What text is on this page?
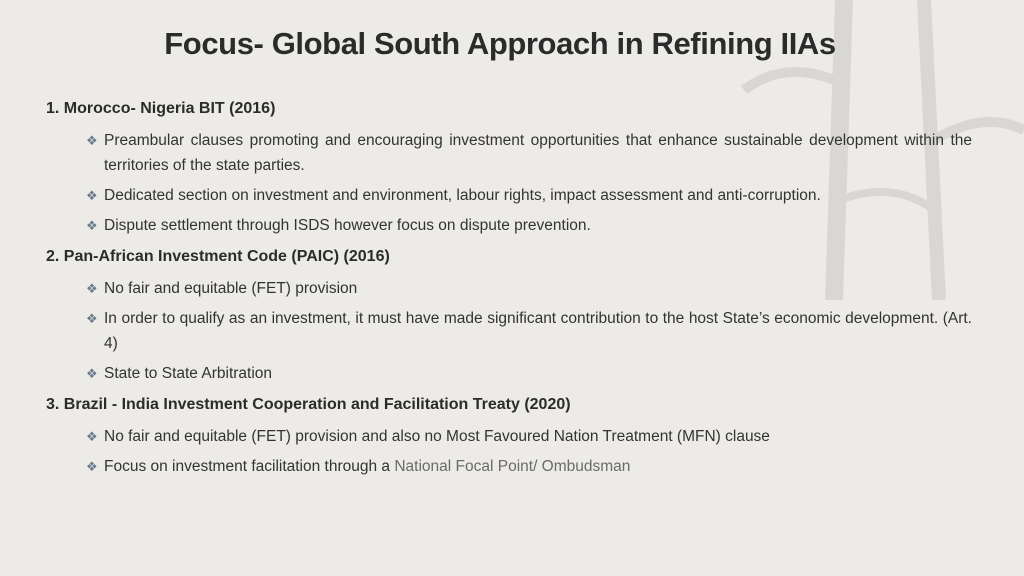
Focus- Global South Approach in Refining IIAs
1. Morocco- Nigeria BIT (2016)
❖ Preambular clauses promoting and encouraging investment opportunities that enhance sustainable development within the territories of the state parties.
❖ Dedicated section on investment and environment, labour rights, impact assessment and anti-corruption.
❖ Dispute settlement through ISDS however focus on dispute prevention.
2. Pan-African Investment Code (PAIC) (2016)
❖ No fair and equitable (FET) provision
❖ In order to qualify as an investment, it must have made significant contribution to the host State’s economic development. (Art. 4)
❖ State to State Arbitration
3. Brazil - India Investment Cooperation and Facilitation Treaty (2020)
❖ No fair and equitable (FET) provision and also no Most Favoured Nation Treatment (MFN) clause
❖ Focus on investment facilitation through a National Focal Point/ Ombudsman
